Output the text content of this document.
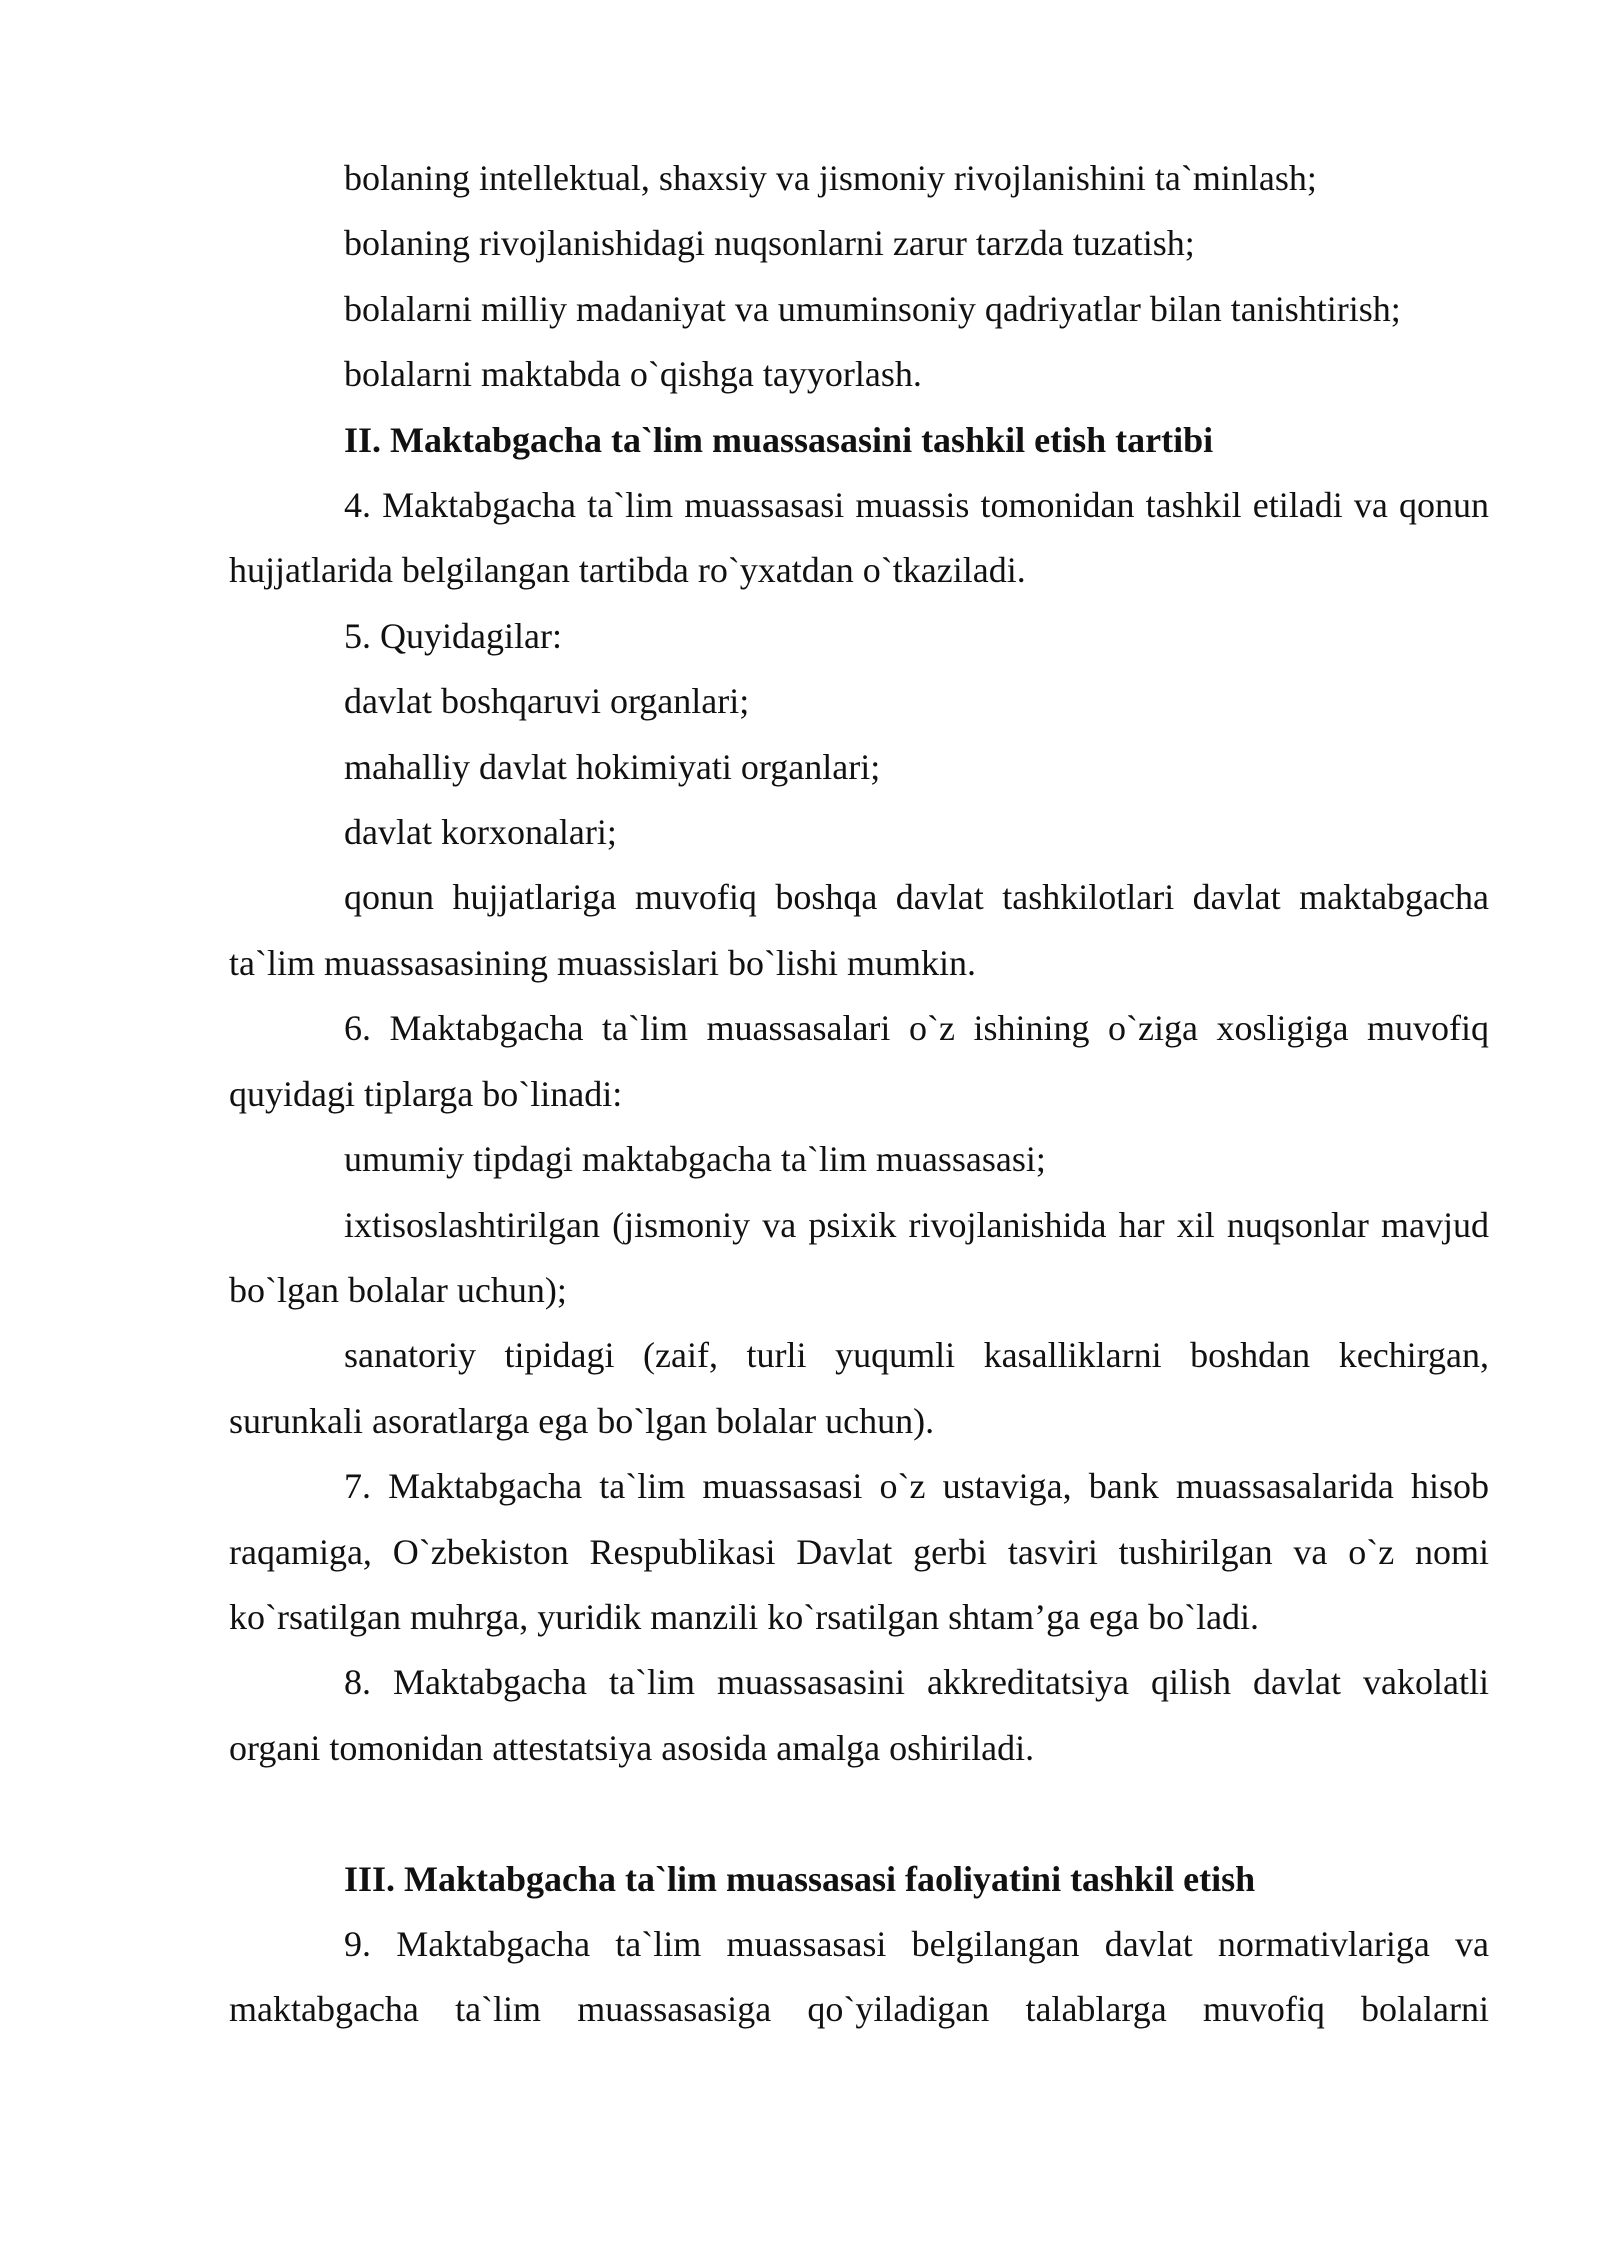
bolaning intellektual, shaxsiy va jismoniy rivojlanishini ta`minlash;

bolaning rivojlanishidagi nuqsonlarni zarur tarzda tuzatish;

bolalarni milliy madaniyat va umuminsoniy qadriyatlar bilan tanishtirish;

bolalarni maktabda o`qishga tayyorlash.

II. Maktabgacha ta`lim muassasasini tashkil etish tartibi

4. Maktabgacha ta`lim muassasasi muassis tomonidan tashkil etiladi va qonun hujjatlarida belgilangan tartibda ro`yxatdan o`tkaziladi.

5. Quyidagilar:

davlat boshqaruvi organlari;

mahalliy davlat hokimiyati organlari;

davlat korxonalari;

qonun hujjatlariga muvofiq boshqa davlat tashkilotlari davlat maktabgacha ta`lim muassasasining muassislari bo`lishi mumkin.

6. Maktabgacha ta`lim muassasalari o`z ishining o`ziga xosligiga muvofiq quyidagi tiplarga bo`linadi:

umumiy tipdagi maktabgacha ta`lim muassasasi;

ixtisoslashtirilgan (jismoniy va psixik rivojlanishida har xil nuqsonlar mavjud bo`lgan bolalar uchun);

sanatoriy tipidagi (zaif, turli yuqumli kasalliklarni boshdan kechirgan, surunkali asoratlarga ega bo`lgan bolalar uchun).

7. Maktabgacha ta`lim muassasasi o`z ustaviga, bank muassasalarida hisob raqamiga, O`zbekiston Respublikasi Davlat gerbi tasviri tushirilgan va o`z nomi ko`rsatilgan muhrga, yuridik manzili ko`rsatilgan shtam’ga ega bo`ladi.

8. Maktabgacha ta`lim muassasasini akkreditatsiya qilish davlat vakolatli organi tomonidan attestatsiya asosida amalga oshiriladi.

III. Maktabgacha ta`lim muassasasi faoliyatini tashkil etish

9. Maktabgacha ta`lim muassasasi belgilangan davlat normativlariga va maktabgacha ta`lim muassasasiga qo`yiladigan talablarga muvofiq bolalarni
